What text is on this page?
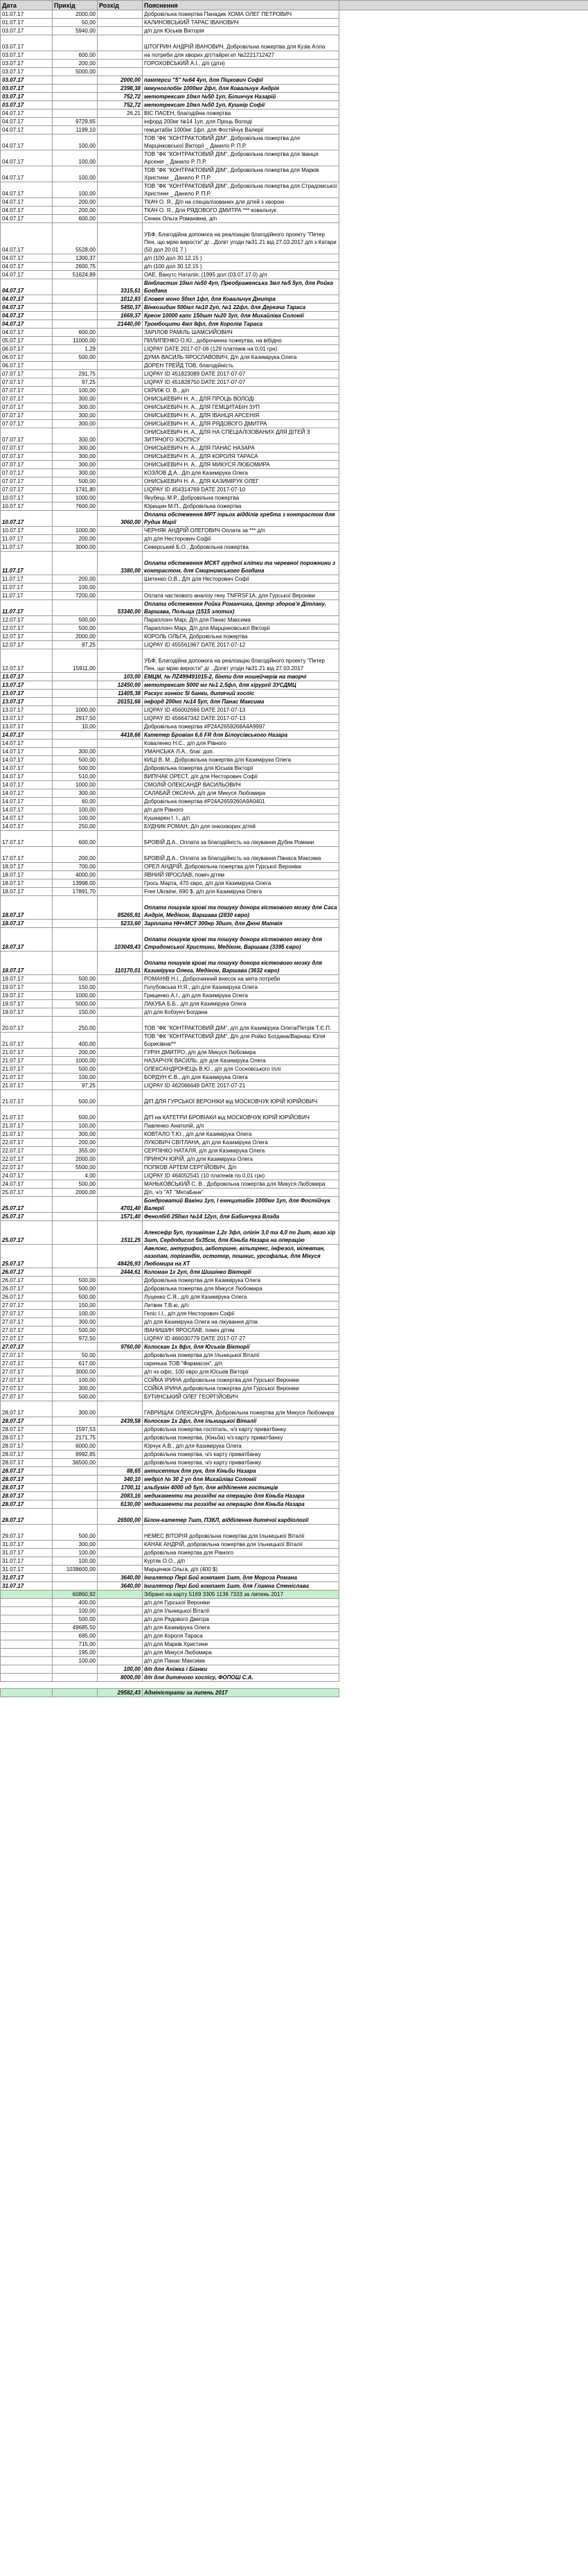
Дата	Прихід	Розхід	Пояснення	
01.07.17	2000,00		Добровільна пожертва Панадик ХОМА ОЛЕГ ПЕТРОВИЧ	
01.07.17	50,00		КАЛИНОВСЬКИЙ ТАРАС ІВАНОВИЧ	
03.07.17	5940,00		д/п для Юськів Вікторія	
03.07.17			ШТОГРИН АНДРІЙ ІВАНОВИЧ, Добровільна пожертва для Кузів Алла	
03.07.17	600,00		на потреби для хворих діт/тайрег.кп №2221712427	
03.07.17	200,00		ГОРОХОВСЬКИЙ А.І., д/п (діти)	
03.07.17	5000,00			
03.07.17		2000,00	памперси "5" №64 4уп, для Піцкович Софії	
03.07.17		2398,38	іммуноглобін 1000мг 2фл, для Ковальчук Андрія	
03.07.17		752,72	метотрексат 10мл №50 1уп, Білинчук Назарій	
03.07.17		752,72	метотрексат 10мл №50 1уп, Кушнір Софії	
04.07.17		26,21	ВІС ПАСЕН, благодійна пожертва	
04.07.17	9729,65		інфорд 200мг №14 1уп, для Проць Володі	
04.07.17	1199,10		гемцитабін 1000мг 1фл, для Фостійчук Валерії	
04.07.17	100,00		ТОВ "ФК "КОНТРАКТОВИЙ ДІМ", Добровільна пожертва для Марцінковської Вікторії _ Данило Р. П.Р.	
04.07.17	100,00		ТОВ "ФК "КОНТРАКТОВИЙ ДІМ", Добровільна пожертва для Іванця Арсенія _ Данило Р. П.Р.	
04.07.17	100,00		ТОВ "ФК "КОНТРАКТОВИЙ ДІМ", Добровільна пожертва для Марків Христини _ Данило Р. П.Р.	
04.07.17	100,00		ТОВ "ФК "КОНТРАКТОВИЙ ДІМ", Добровільна пожертва для Страдомської Христини _ Данило Р. П.Р.	
04.07.17	200,00		ТКАЧ О. Я., Д/п на спеціалізованих для дітей з хворою	
04.07.17	200,00		ТКАЧ О. Я., Для РЯДОВОГО ДМИТРА *** ковальчук	
04.07.17	600,00		Сенюк Ольга Романівна, д/п	
04.07.17	5528,00		УБФ, Благодійна допомога на реалізацію благодійного проекту "Петер Пен, що мрію вирости" дг ..Догвт угоди №31.21 від 27.03.2017 д/п з Катари (50 дол 20 01 7 )	
04.07.17	1300,37		д/п (100 дол 30.12.15 )	
04.07.17	2600,75		д/п (100 дол 30.12.15 )	
04.07.17	51624,89		ОАЕ, Ванутс Наталія, (1995 дол (03.07.17.0) д/п	
04.07.17		3315,61	Вінбластин 10мл №50 4уп, Преображенська 3мл №5 5уп, для Ройка Богдана	
04.07.17		1012,83	Еловея моно 50мл 1фл, для Ковальчук Дмитра	
04.07.17		5450,37	Вінкозидин 500мл №10 2уп, №1 22фл, для Деркача Тараса	
04.07.17		1669,37	Креон 10000 капс 150шт №20 3уп, для Михайліва Соломії	
04.07.17		21440,00	Тромбоцити 4мл 8фл, для Королів Тараса	
04.07.17	600,00		ЗАРІЛОВ РАМІЛЬ ШАМСИЙОВИЧ	
05.07.17	11000,00		ПИЛИПЕНКО О.Ю., доброчинна пожертва, на вібідно	
06.07.17	1,29		LIQPAY DATE 2017-07-06 (129 платежів на 0,01 грн)	
06.07.17	500,00		ДУМА ВАСИЛЬ ЯРОСЛАВОВИЧ, Д/п для Казимірука Олега	
06.07.17			ДОРЕН ТРЕЙД ТОВ, благодійність	
07.07.17	291,75		LIQPAY ID 451823089 DATE 2017-07-07	
07.07.17	97,25		LIQPAY ID 451828750 DATE 2017-07-07	
07.07.17	100,00		СКРИЖ О. В., д/п	
07.07.17	300,00		ОНИСЬКЕВИЧ Н. А., ДЛЯ ПРОЦЬ ВОЛОДІ	
07.07.17	300,00		ОНИСЬКЕВИЧ Н. А., ДЛЯ ГЕМЦИТАБІН 3УП	
07.07.17	300,00		ОНИСЬКЕВИЧ Н. А., ДЛЯ ІВАНЦЯ АРСЕНІЯ	
07.07.17	300,00		ОНИСЬКЕВИЧ Н. А., ДЛЯ РЯДОВОГО ДМИТРА	
07.07.17	300,00		ОНИСЬКЕВИЧ Н. А., ДЛЯ НА СПЕЦІАЛІЗОВАНИХ ДЛЯ ДІТЕЙ З ЗИТЯЧОГО ХОСПІСУ	
07.07.17	300,00		ОНИСЬКЕВИЧ Н. А., ДЛЯ ПАНАС НАЗАРА	
07.07.17	300,00		ОНИСЬКЕВИЧ Н. А., ДЛЯ КОРОЛЯ ТАРАСА	
07.07.17	300,00		ОНИСЬКЕВИЧ Н. А., ДЛЯ МИКУСЯ ЛЮБОМИРА	
07.07.17	300,00		КОЗЛОВ Д.А., Д/п для Казимірука Олега	
07.07.17	500,00		ОНИСЬКЕВИЧ Н. А., ДЛЯ КАЗИМІРУК ОЛЕГ	
07.07.17	1741,80		LIQPAY ID 454314769 DATE 2017-07-10	
10.07.17	1000,00		Якубець М.Р., Добровільна пожертва	
10.07.17	7600,00		Юрищин М.П., Добровільна пожертва	
10.07.17		3060,00	Оплата обстеження МРТ трьох відділів хребта з контрастом для Рудик Марії	
10.07.17	1000,00		ЧЕРНЯК АНДРІЙ ОЛЕГОВИЧ Оплата за *** д/п	
11.07.17	200,00		д/п для Несторович Софії	
11.07.17	3000,00		Северський Б.О., Добровільна пожертва	
11.07.17		3380,00	Оплата обстеження МСКТ грудної клітки та черевної порожнини з контрастом, для Смирнимського Богдана	
11.07.17	200,00		Шетенко О.В., Д/п для Несторович Софії	
11.07.17	100,00			
11.07.17	7200,00		Оплата часткового аналізу гену TNFRSF1A, для Гурської Вероніки	
11.07.17		53340,00	Оплата обстеження Ройка Романчика, Центр здоров'я Дітлану, Варшава, Польща (1515 злотих)	
12.07.17	500,00		Параплонч Марі, Д/п для Панас Максима	
12.07.17	500,00		Параплонч Марі, Д/п для Марцінковської Вікторії	
12.07.17	2000,00		КОРОЛЬ ОЛЬГА, Добровільна пожертва	
12.07.17	97,25		LIQPAY ID 455561967 DATE 2017-07-12	
12.07.17	15911,00		УБФ, Благодійна допомога на реалізацію благодійного проекту "Петер Пен, що мрію вирости" дг ..Догвт угоди №31.21 від 27.03.2017	
13.07.17		103,00	ЕМЦМ, № ЛZ499491015-2, бінти для ношейчерів на творчі	
13.07.17		12450,00	метотрексат 5000 мг №1 2,5фл, для хірургії ЗУСДМЦ	
13.07.17		11405,38	Раскус хонкос 5l банки, дитячий хоспіс	
13.07.17		26151,66	інфорд 200мг №14 5уп, для Панас Максима	
13.07.17	1000,00		LIQPAY ID 456002666 DATE 2017-07-13	
13.07.17	2917,50		LIQPAY ID 456647342 DATE 2017-07-13	
13.07.17	10,00		Добровільна пожертва #P24A2659268A4A9997	
14.07.17		4418,66	Катетер Бровіан 6,6 FR для Білоусівського Назара	
14.07.17			Коваленко Н.С., д/п для Рівного	
14.07.17	300,00		УМАНСЬКА Л.А., благ. доп.	
14.07.17	500,00		КИЦІ В. М., Добровільна пожертва для Казимірука Олега	
14.07.17	500,00		Добровільна пожертва для Юськів Вікторії	
14.07.17	510,00		ВИПІЧАК ОРЕСТ, д/п для Несторович Софії	
14.07.17	1000,00		СМОЛІЙ ОЛЕКСАНДР ВАСИЛЬОВИЧ	
14.07.17	300,00		САЛАБАЙ ОКСАНА, д/п для Микуся Любомира	
14.07.17	60,00		Добровільна пожертва #P24A2659260A9A0401	
14.07.17	100,00		д/п для Рівного	
14.07.17	100,00		Кушнарен І. І., д/п	
14.07.17	250,00		БУДНИК РОМАН, Д/п для онкохворих дітей	
17.07.17	600,00		БРОВІЙ Д.А., Оплата за благодійність на лікування Дубик Романи	
17.07.17	200,00		БРОВІЙ Д.А., Оплата за благодійність на лікування Панаса Максима	
18.07.17	700,00		ОРЕЛ АНДРІЙ, Добровільна пожертва для Гурської Вероніки	
18.07.17	4000,00		ЯВНИЙ ЯРОСЛАВ, поміч дітям	
18.07.17	13998,00		Грось Марта, 470 євро, д/п для Казимірука Олега	
18.07.17	17891,70		Free Ukraine, 690 $, д/п для Казимірука Олега	
18.07.17		85265,91	Оплата пошуків крові та пошуку донора кісткового мозку для Саса Андрія, Медіком, Варшава (2830 євро)	
18.07.17		5233,60	Зарплата НН+МСТ 300нр 30шт, для Дюні Матвія	
18.07.17		103049,43	Оплата пошуків крові та пошуку донора кісткового мозку для Страдомської Христини, Медіком, Варшава (3395 євро)	
18.07.17		110170,01	Оплата пошуків крові та пошуку донора кісткового мозку для Казимірука Олега, Медіком, Варшава (3632 євро)	
19.07.17	500,00		РОМАНІВ Н.І., Доброчинний внесок на мета потреби	
19.07.17	150,00		Голубовська Н.Я., д/п для Казимірука Олега	
19.07.17	1000,00		Грищенко А.І., д/п для Казимірука Олега	
19.07.17	5000,00		ЛАКУБА Б.Б., д/п для Казимірука Олега	
19.07.17	150,00		д/п для Кобзунч Богдана	
20.07.17	250,00		ТОВ "ФК "КОНТРАКТОВИЙ ДІМ", д/п для Казимірука Олега/Петрів Т.Є.П.	
21.07.17	400,00		ТОВ "ФК "КОНТРАКТОВИЙ ДІМ", Д/п для Ройко Богдана/Варнаш Юлія Борисівна/**	
21.07.17	200,00		ГУРІН ДМИТРО, д/п для Микуся Любомира	
21.07.17	1000,00		НАЗАРЧУК ВАСИЛЬ, д/п для Казимірука Олега	
21.07.17	500,00		ОЛЕКСАНДРОНЕЦЬ В.Ю., д/п для Сосновського Іллі	
21.07.17	100,00		БОРДУН Є.В., д/п для Казимірука Олега	
21.07.17	97,25		LIQPAY ID 462066649 DATE 2017-07-21	
21.07.17	500,00		Д/П ДЛЯ ГУРСЬКОЇ ВЕРОНІКИ від МОСКОВЧУК ЮРІЙ ЮРІЙОВИЧ	
21.07.17	500,00		Д/П на КАТЕТРИ БРОВІАКИ від МОСКОВЧУК ЮРІЙ ЮРІЙОВИЧ	
21.07.17	100,00		Павленко Анатолій, д/п	
21.07.17	300,00		КОВТАЛО Т.Ю., д/п для Казимірука Олега	
22.07.17	200,00		ЛУКОВИЧ СВІТЛАНА, д/п для Казимірука Олега	
22.07.17	355,00		СЕРПІНКО НАТАЛЯ, д/п для Казимірука Олега	
22.07.17	2000,00		ПРИНОЧ ЮРІЙ, д/п для Казимірука Олега	
22.07.17	5500,00		ПОПКОВ АРТЕМ СЕРГІЙОВИЧ, Д/п	
24.07.17	4,00		LIQPAY ID 464052541 (10 платежів по 0,01 грн)	
24.07.17	500,00		МАНЬКОВСЬКИЙ С. В., Добровільна пожертва для Микуся Любомира	
25.07.17	2000,00		Д/п, ч/з "АТ "МетаБанк"	
25.07.17		4701,40	Бондроватий Вакіни 1уп, І емнцитабін 1000мг 1уп, для Фостійчук Валерії	
25.07.17		1571,40	Фенолбіб 250мл №14 12уп, для Бабинчука Влада	
25.07.17		1511,25	Алексефр 5уп, пузивітан 1,2г 3фл, олігін 3,0 та 4,0 по 2шт, вазо хір 3шт, Сердпдисол 5х35см, для Кіньба Назара на операцію	
25.07.17		48426,93	Авелокс, антурифоз, акботрине, вільтрекс, інфезол, мілевтан, лазопам, порігандін, остотор, пошнис, урсофальк, для Мікуся Любомира на ХТ	
26.07.17		2444,61	Коломан 1х 2уп, для Шишінко Вікторії	
26.07.17	500,00		Добровільна пожертва для Казимірука Олега	
26.07.17	500,00		Добровільна пожертва для Микуся Любомира	
26.07.17	500,00		Луценко С.Я., д/п для Казимірука Олега	
27.07.17	150,00		Литвин Т.В.ю, д/п	
27.07.17	100,00		Геліс І.І., д/п для Несторович Софії	
27.07.17	300,00		д/п для Казимірука Олега на лікування діток	
27.07.17	500,00		ІВАНИШИН ЯРОСЛАВ, поміч дітям	
27.07.17	972,50		LIQPAY ID 466030779 DATE 2017-07-27	
27.07.17		9760,00	Колоскан 1х 8фл, для Юськів Вікторії	
27.07.17	50,00		добровільна пожертва для Ільницької Віталії	
27.07.17	617,00		скринька ТОВ "Фармасон", д/п	
27.07.17	3000,00		д/п чз офіс, 100 євро для Юськів Вікторії	
27.07.17	100,00		СОЙКА ІРИНА добровільна пожертва для Гурської Вероніки	
27.07.17	300,00		СОЙКА ІРИНА добровільна пожертва для Гурської Вероніки	
27.07.17	500,00		БУТИНСЬКИЙ ОЛЕГ ГЕОРГІЙОВИЧ	
28.07.17	300,00		ГАВРИЩАК ОЛЕКСАНДРА, Добровільна пожертва для Микуся Любомира	
28.07.17		2439,58	Колоскан 1х 2фл, для Ільницької Віталії	
28.07.17	1597,53		добровільна пожертва госпіталь, ч/з карту приватбанку	
28.07.17	2171,75		добровільна пожертва, (Кіньба) ч/з карту приватбанку	
28.07.17	6000,00		Юрчук А.В., д/п для Казимірука Олега	
28.07.17	9992,85		добровільна пожертва, ч/з карту приватбанку	
28.07.17	36500,00		добровільна пожертва, ч/з карту приватбанку	
28.07.17		88,65	антисептик для рук, для Кіньби Назара	
28.07.17		340,10	медріл № 30 2 уп для Михайліва Соломії	
28.07.17		1700,11	альбумін 4000 од 5уп, для відділення гостинців	
28.07.17		2083,16	медикаменти та розхідні на операцію для Кіньба Назара	
28.07.17		6130,00	медикаменти та розхідні на операцію для Кіньба Назара	
28.07.17		26500,00	Білон-катетер 7шт, ПЗКЛ, відділення дитячої кардіології	
29.07.17	500,00		НЕМЕС ВІТОРІЯ добровільна пожертва для Ільницької Віталії	
31.07.17	300,00		КАНАК АНДРІЙ, добровільна пожертва для Ільницької Віталії	
31.07.17	100,00		добровільна пожертва для Рівного	
31.07.17	100,00		Куртяк О.О., д/п	
31.07.17	1038600,00		Марценюк Ольга, д/п (400 $)	
31.07.17		3640,00	Інгалятор Пері Бой компакт 1шт, для Мороза Романа	
31.07.17		3640,00	Інгалятор Пері Бой компакт 1шт, для Гламна Стеніслава	
	60860,92		Зібрано на карту 5169 3305 1136 7333 за липень 2017	
	400,00		д/п для Гурської Вероніки	
	100,00		д/п для Ільницької Віталії	
	500,00		д/п для Рядового Дмитра	
	49685,50		д/п для Казимірука Олега	
	695,00		д/п для Короля Тараса	
	715,00		д/п для Марків Христини	
	195,00		д/п для Микуся Любомира	
	100,00		д/п для Панас Максима	
		100,00	д/п для Аніжка і Біанки	
		8000,00	д/п для дитячого хоспісу, ФОПОШ С.А.	

		29582,43	Адміністрати за липень 2017	
